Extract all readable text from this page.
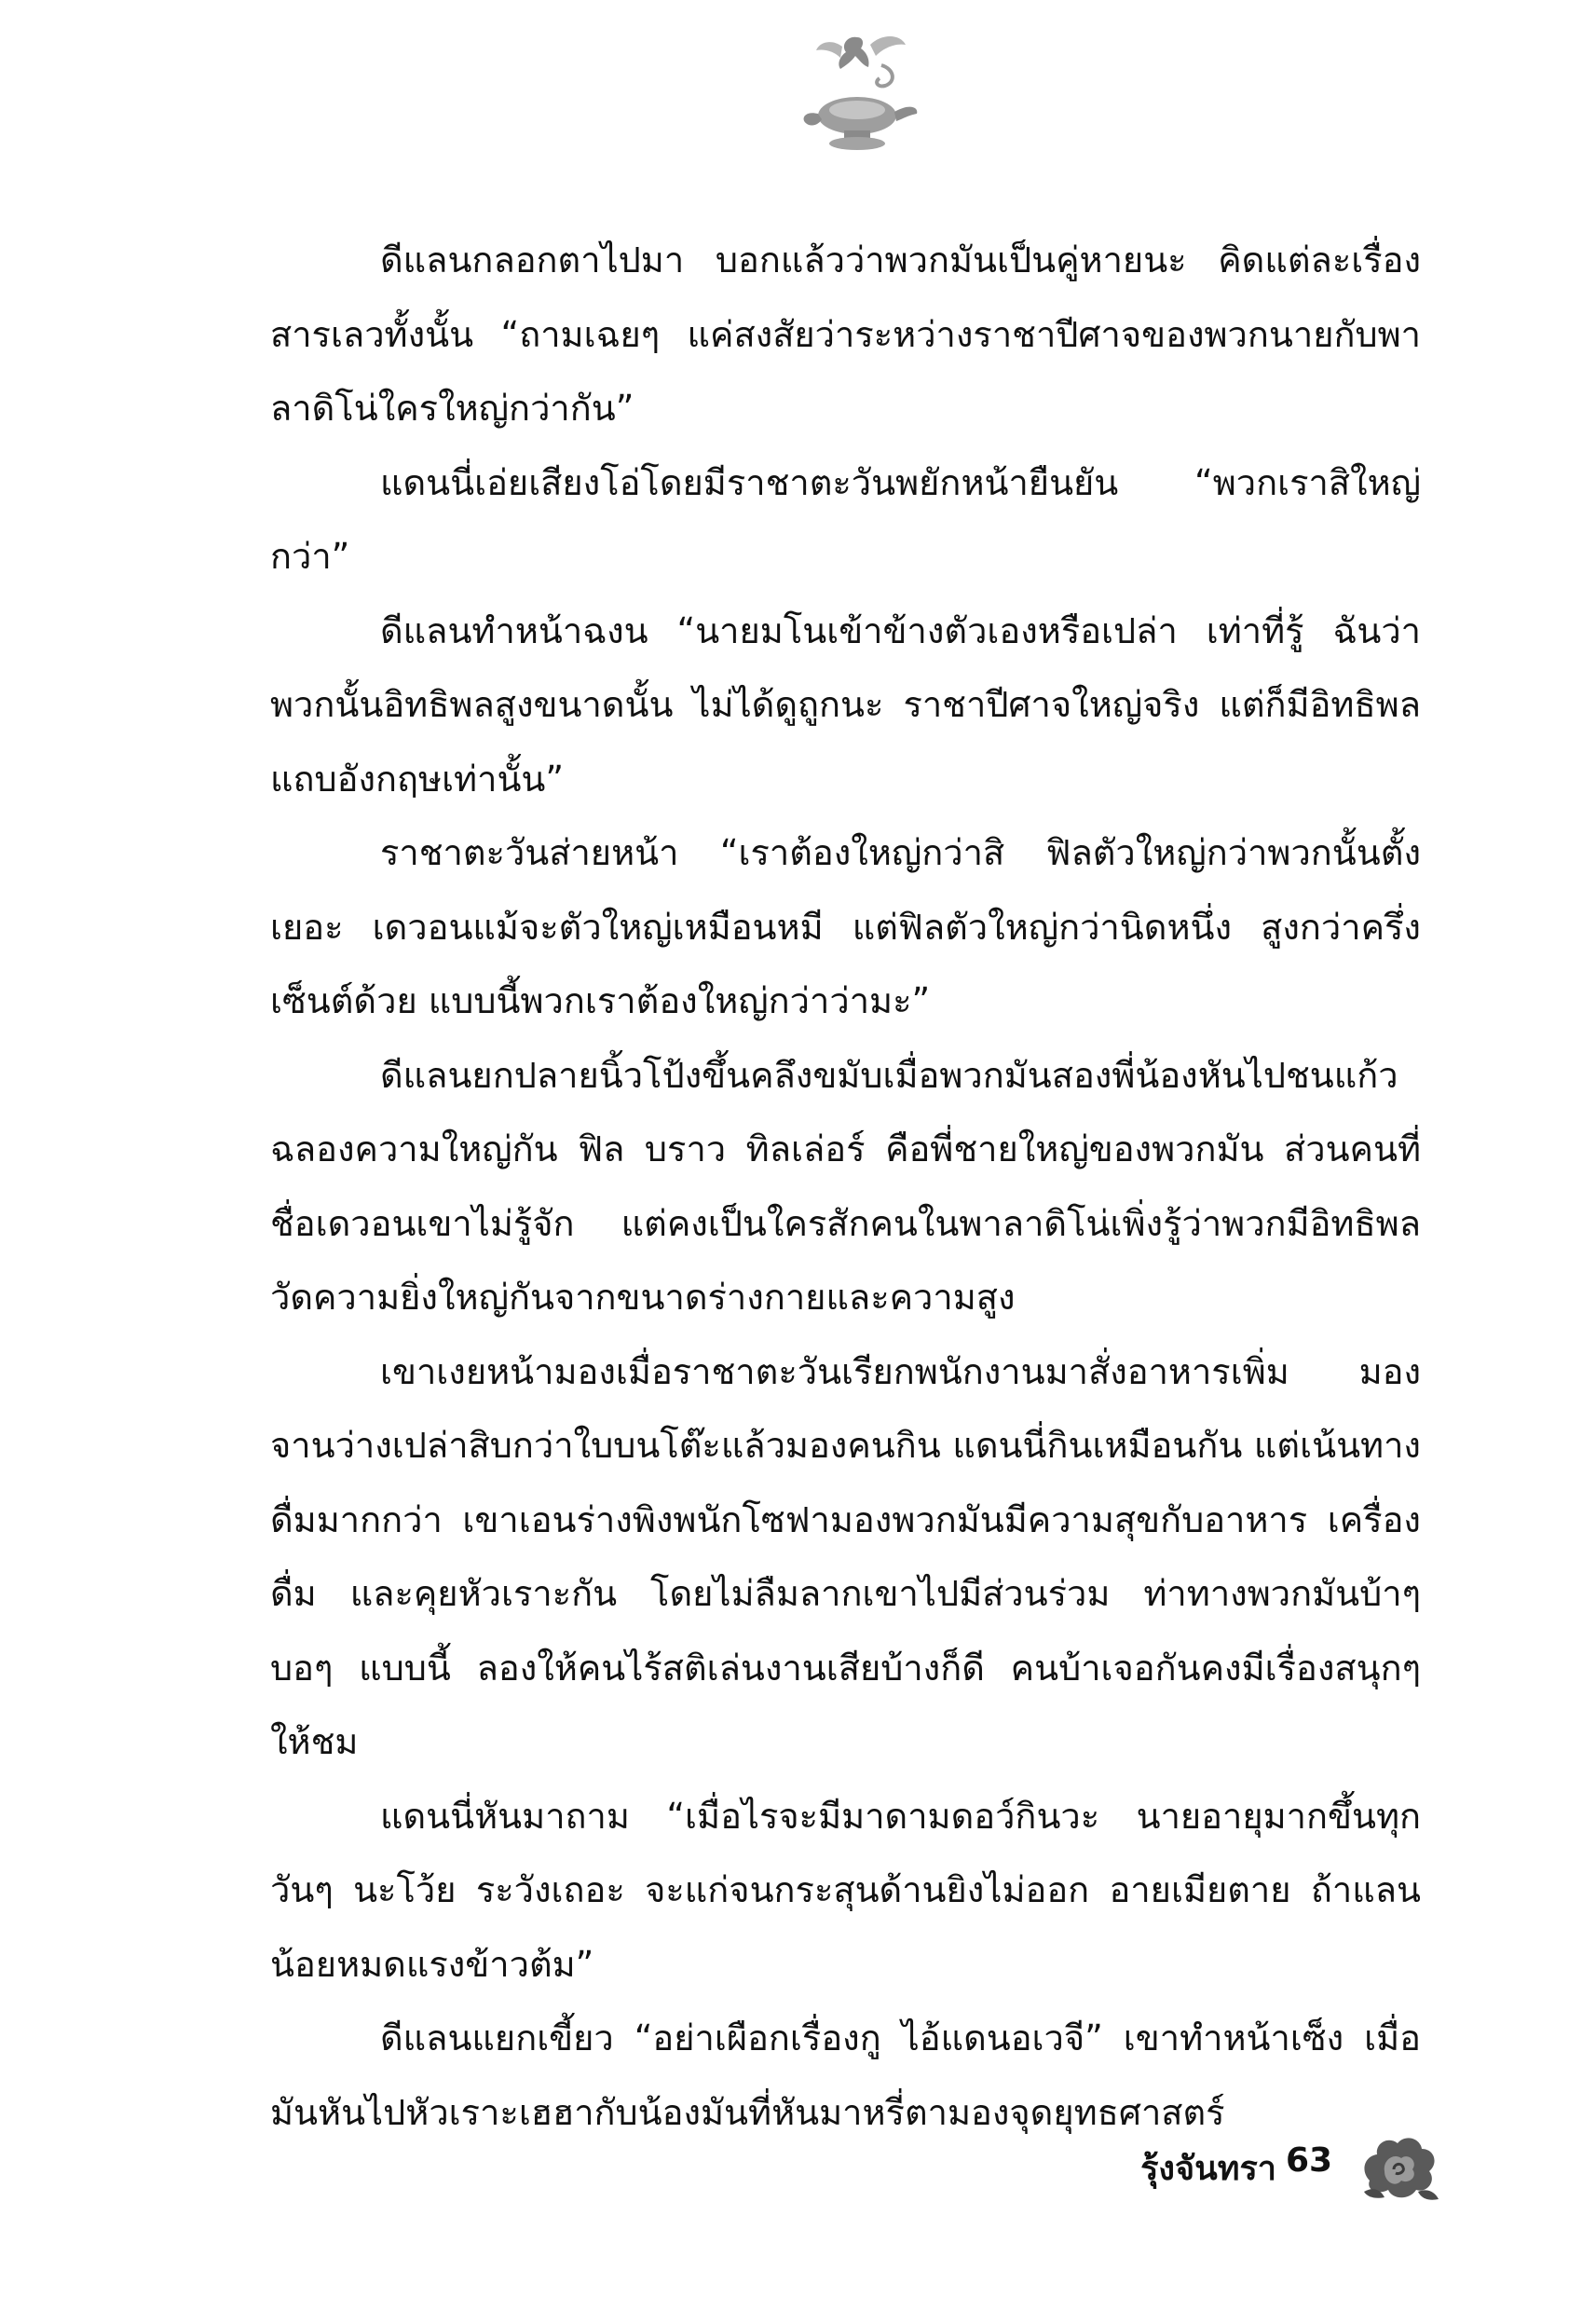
ดีแลนกลอกตาไปมา บอกแล้วว่าพวกมันเป็นคู่หายนะ คิดแต่ละเรื่องสารเลวทั้งนั้น “ถามเฉยๆ แค่สงสัยว่าระหว่างราชาปีศาจของพวกนายกับพาลาดิโน่ใครใหญ่กว่ากัน”

แดนนี่เอ่ยเสียงโอ่โดยมีราชาตะวันพยักหน้ายืนยัน “พวกเราสิใหญ่กว่า”

ดีแลนทำหน้าฉงน “นายมโนเข้าข้างตัวเองหรือเปล่า เท่าที่รู้ ฉันว่าพวกนั้นอิทธิพลสูงขนาดนั้น ไม่ได้ดูถูกนะ ราชาปีศาจใหญ่จริง แต่ก็มีอิทธิพลแถบอังกฤษเท่านั้น”

ราชาตะวันส่ายหน้า “เราต้องใหญ่กว่าสิ ฟิลตัวใหญ่กว่าพวกนั้นตั้งเยอะ เดวอนแม้จะตัวใหญ่เหมือนหมี แต่ฟิลตัวใหญ่กว่านิดหนึ่ง สูงกว่าครึ่งเซ็นต์ด้วย แบบนี้พวกเราต้องใหญ่กว่าว่ามะ”

ดีแลนยกปลายนิ้วโป้งขึ้นคลึงขมับเมื่อพวกมันสองพี่น้องหันไปชนแก้วฉลองความใหญ่กัน ฟิล บราว ทิลเล่อร์ คือพี่ชายใหญ่ของพวกมัน ส่วนคนที่ชื่อเดวอนเขาไม่รู้จัก แต่คงเป็นใครสักคนในพาลาดิโน่เพิ่งรู้ว่าพวกมีอิทธิพลวัดความยิ่งใหญ่กันจากขนาดร่างกายและความสูง

เขาเงยหน้ามองเมื่อราชาตะวันเรียกพนักงานมาสั่งอาหารเพิ่ม มองจานว่างเปล่าสิบกว่าใบบนโต๊ะแล้วมองคนกิน แดนนี่กินเหมือนกัน แต่เน้นทางดื่มมากกว่า เขาเอนร่างพิงพนักโซฟามองพวกมันมีความสุขกับอาหาร เครื่องดื่ม และคุยหัวเราะกัน โดยไม่ลืมลากเขาไปมีส่วนร่วม ท่าทางพวกมันบ้าๆ บอๆ แบบนี้ ลองให้คนไร้สติเล่นงานเสียบ้างก็ดี คนบ้าเจอกันคงมีเรื่องสนุกๆ ให้ชม

แดนนี่หันมาถาม “เมื่อไรจะมีมาดามดอว์กินวะ นายอายุมากขึ้นทุกวันๆ นะโว้ย ระวังเถอะ จะแก่จนกระสุนด้านยิงไม่ออก อายเมียตาย ถ้าแลนน้อยหมดแรงข้าวต้ม”

ดีแลนแยกเขี้ยว “อย่าเผือกเรื่องกู ไอ้แดนอเวจี” เขาทำหน้าเซ็ง เมื่อมันหันไปหัวเราะเฮฮากับน้องมันที่หันมาหรี่ตามองจุดยุทธศาสตร์

รุ้งจันทรา 63
